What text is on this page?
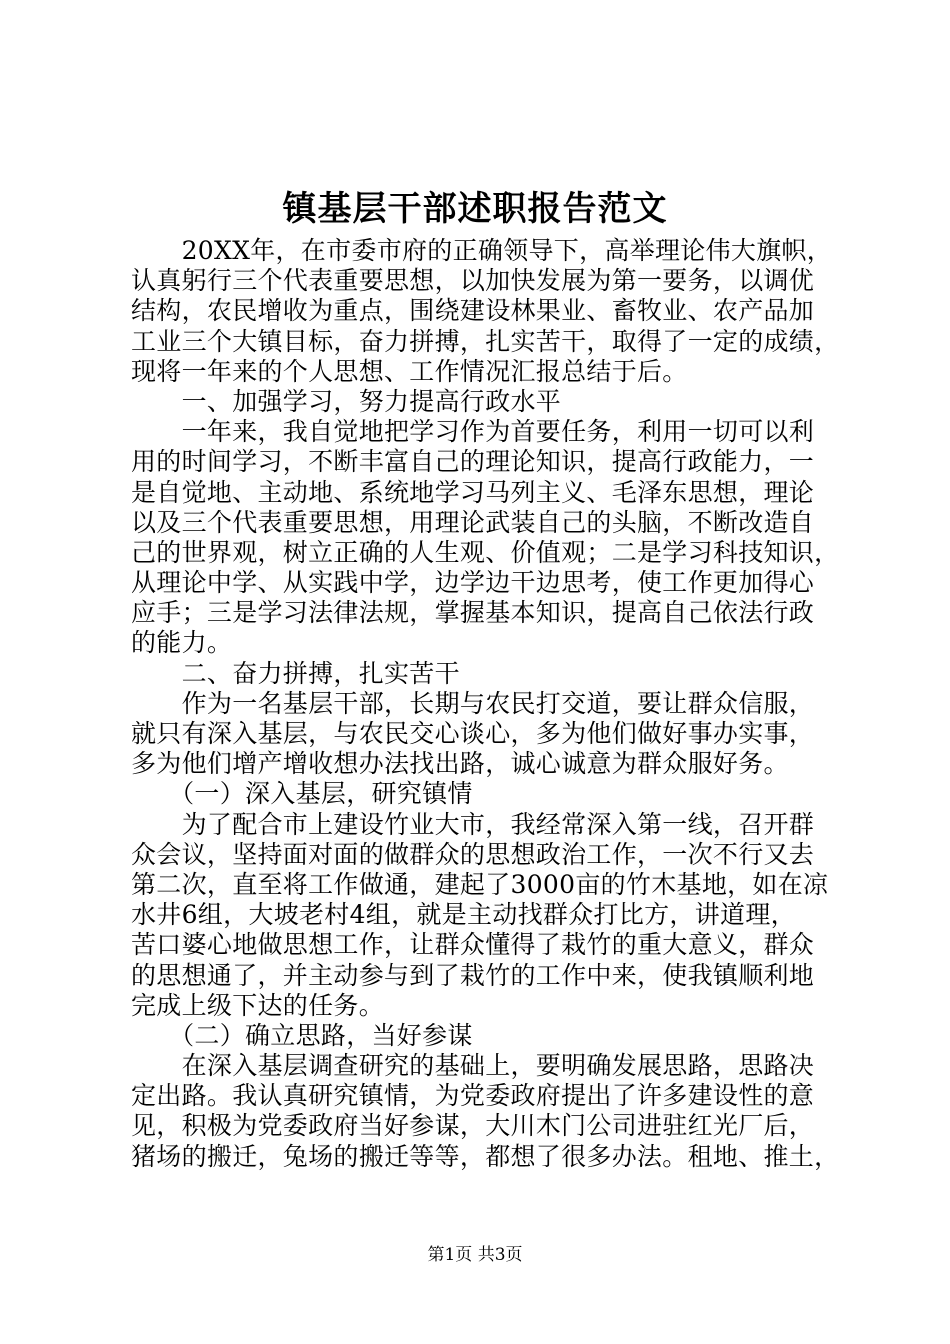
镇基层干部述职报告范文
　　20XX年，在市委市府的正确领导下，高举理论伟大旗帜，
认真躬行三个代表重要思想，以加快发展为第一要务，以调优
结构，农民增收为重点，围绕建设林果业、畜牧业、农产品加
工业三个大镇目标，奋力拼搏，扎实苦干，取得了一定的成绩，
现将一年来的个人思想、工作情况汇报总结于后。
　　一、加强学习，努力提高行政水平
　　一年来，我自觉地把学习作为首要任务，利用一切可以利
用的时间学习，不断丰富自己的理论知识，提高行政能力，一
是自觉地、主动地、系统地学习马列主义、毛泽东思想，理论
以及三个代表重要思想，用理论武装自己的头脑，不断改造自
己的世界观，树立正确的人生观、价值观；二是学习科技知识，
从理论中学、从实践中学，边学边干边思考，使工作更加得心
应手；三是学习法律法规，掌握基本知识，提高自己依法行政
的能力。
　　二、奋力拼搏，扎实苦干
　　作为一名基层干部，长期与农民打交道，要让群众信服，
就只有深入基层，与农民交心谈心，多为他们做好事办实事，
多为他们增产增收想办法找出路，诚心诚意为群众服好务。
　　（一）深入基层，研究镇情
　　为了配合市上建设竹业大市，我经常深入第一线，召开群
众会议，坚持面对面的做群众的思想政治工作，一次不行又去
第二次，直至将工作做通，建起了3000亩的竹木基地，如在凉
水井6组，大坡老村4组，就是主动找群众打比方，讲道理，
苦口婆心地做思想工作，让群众懂得了栽竹的重大意义，群众
的思想通了，并主动参与到了栽竹的工作中来，使我镇顺利地
完成上级下达的任务。
　　（二）确立思路，当好参谋
　　在深入基层调查研究的基础上，要明确发展思路，思路决
定出路。我认真研究镇情，为党委政府提出了许多建设性的意
见，积极为党委政府当好参谋，大川木门公司进驻红光厂后，
猪场的搬迁，兔场的搬迁等等，都想了很多办法。租地、推土，
第1页 共3页
